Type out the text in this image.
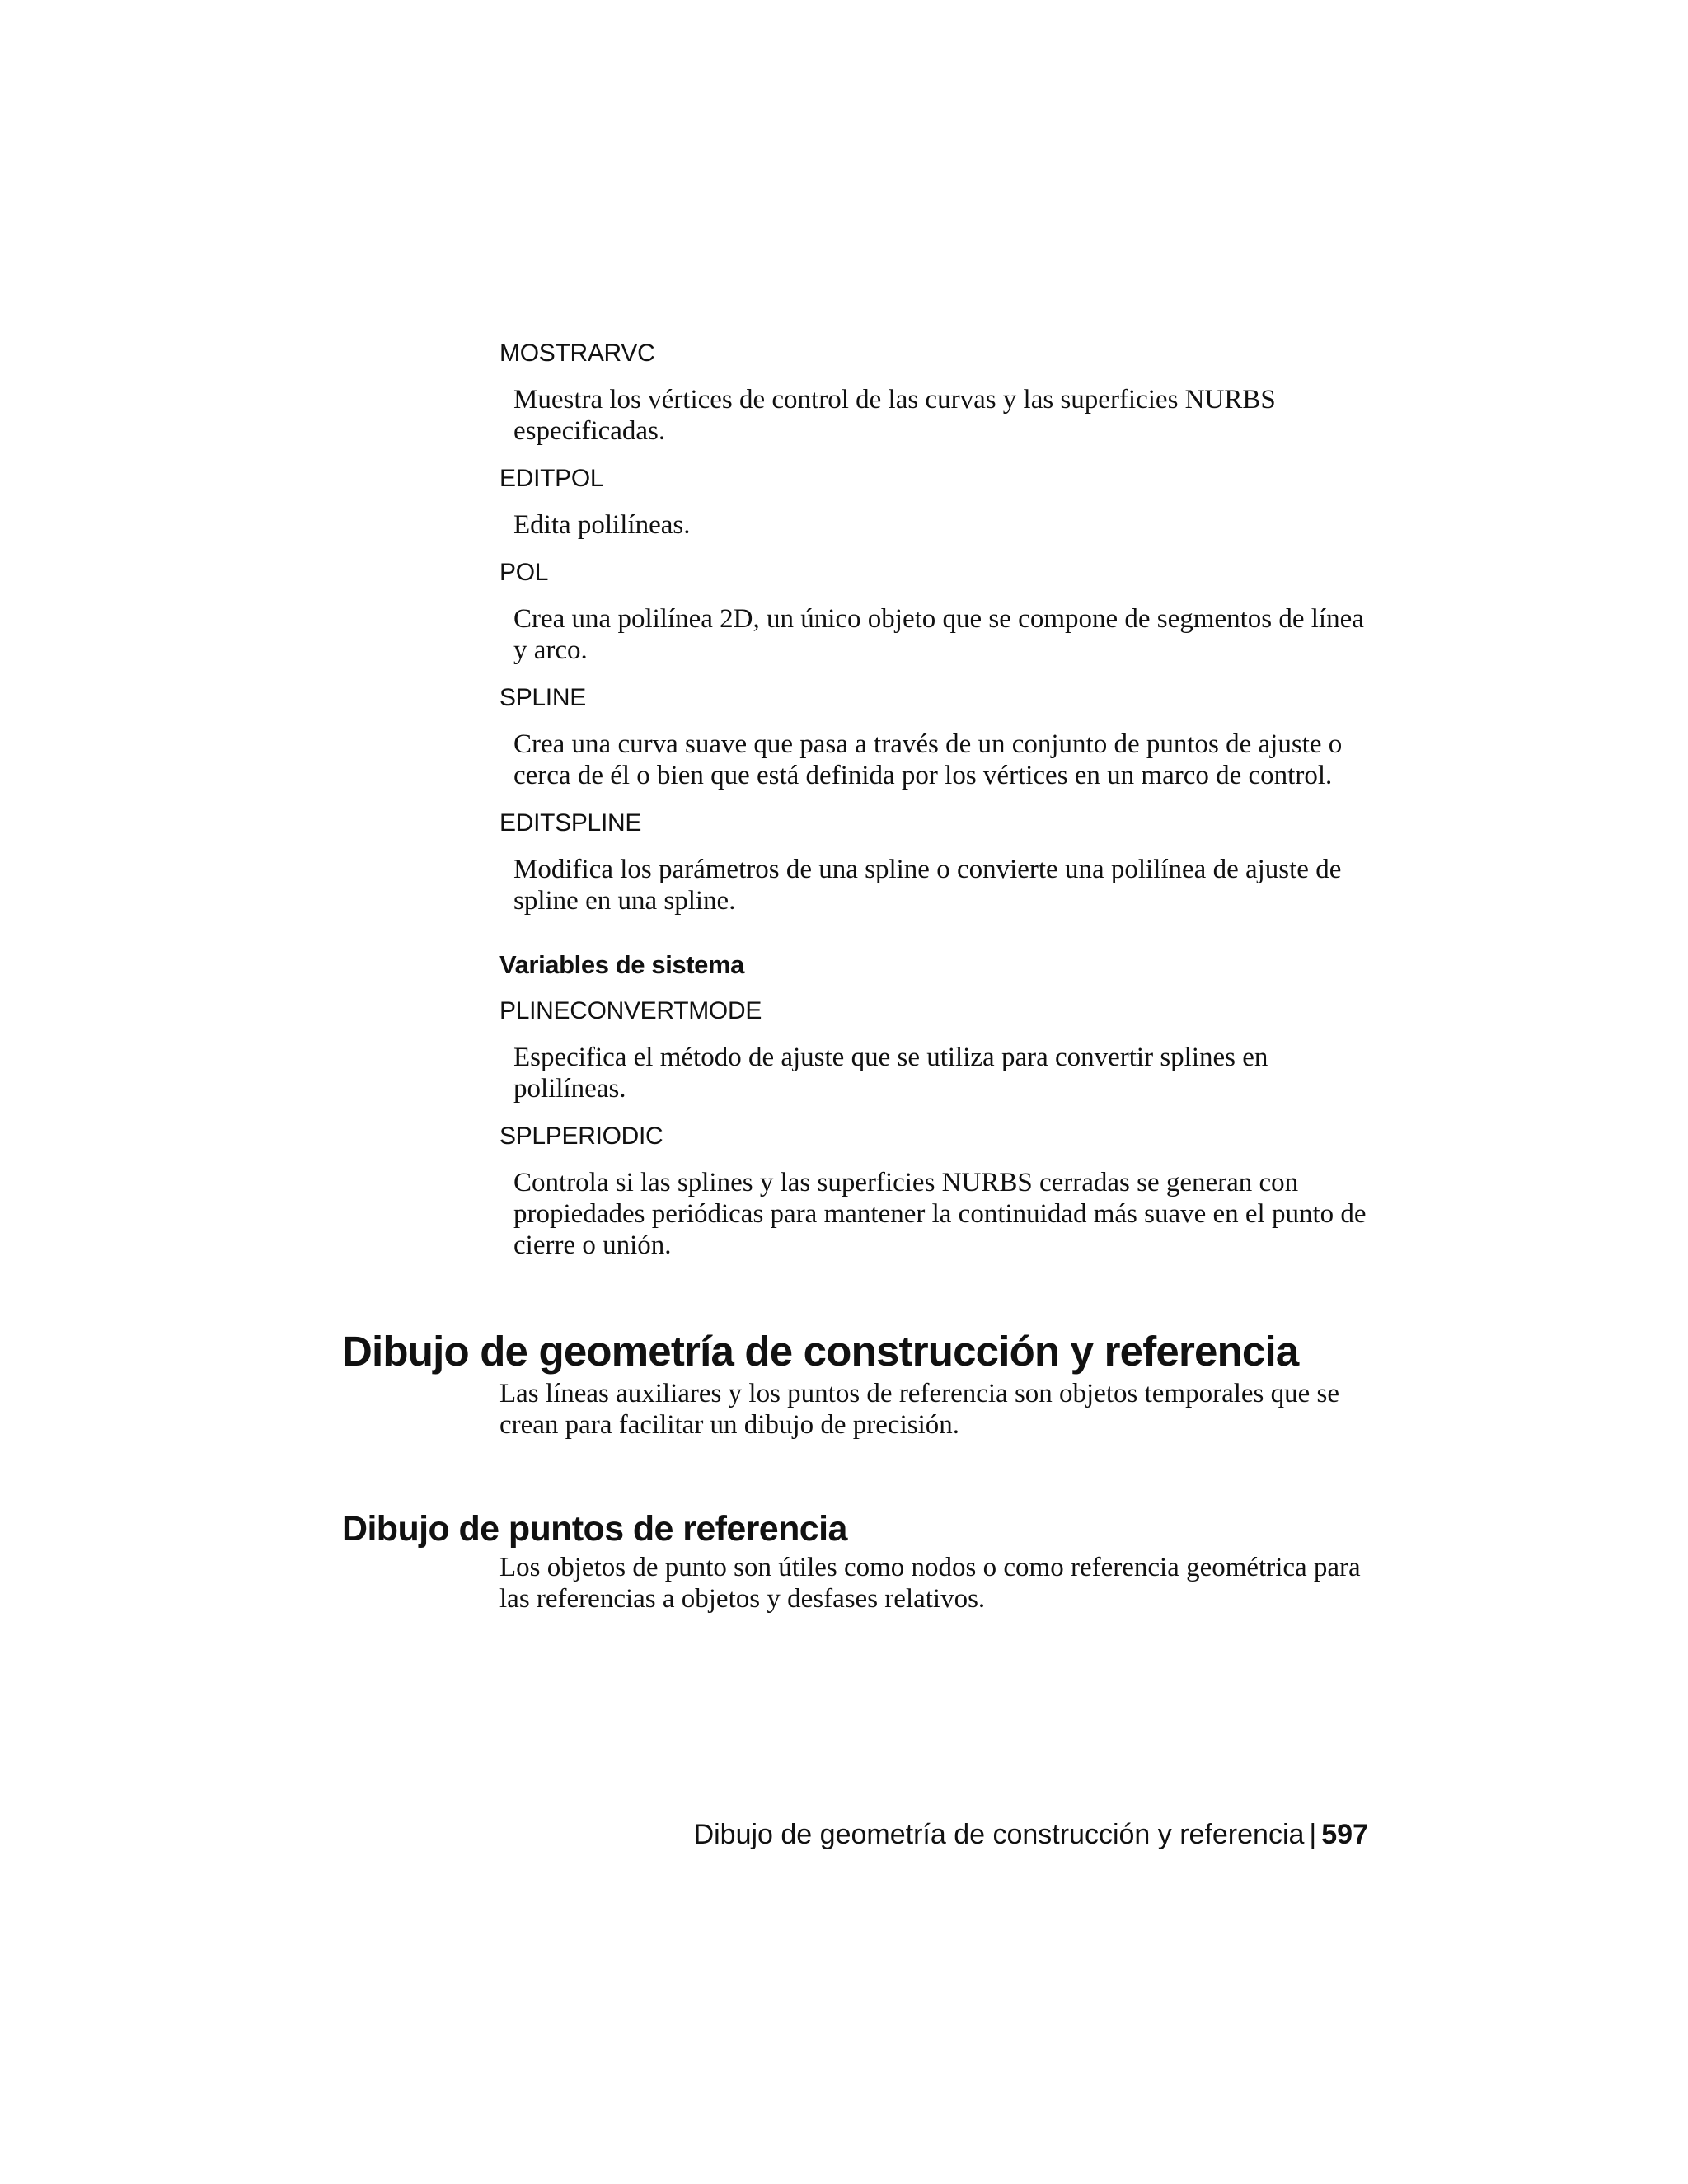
MOSTRARVC
Muestra los vértices de control de las curvas y las superficies NURBS especificadas.
EDITPOL
Edita polilíneas.
POL
Crea una polilínea 2D, un único objeto que se compone de segmentos de línea y arco.
SPLINE
Crea una curva suave que pasa a través de un conjunto de puntos de ajuste o cerca de él o bien que está definida por los vértices en un marco de control.
EDITSPLINE
Modifica los parámetros de una spline o convierte una polilínea de ajuste de spline en una spline.
Variables de sistema
PLINECONVERTMODE
Especifica el método de ajuste que se utiliza para convertir splines en polilíneas.
SPLPERIODIC
Controla si las splines y las superficies NURBS cerradas se generan con propiedades periódicas para mantener la continuidad más suave en el punto de cierre o unión.
Dibujo de geometría de construcción y referencia

Las líneas auxiliares y los puntos de referencia son objetos temporales que se crean para facilitar un dibujo de precisión.

Dibujo de puntos de referencia

Los objetos de punto son útiles como nodos o como referencia geométrica para las referencias a objetos y desfases relativos.

Dibujo de geometría de construcción y referencia | 597
